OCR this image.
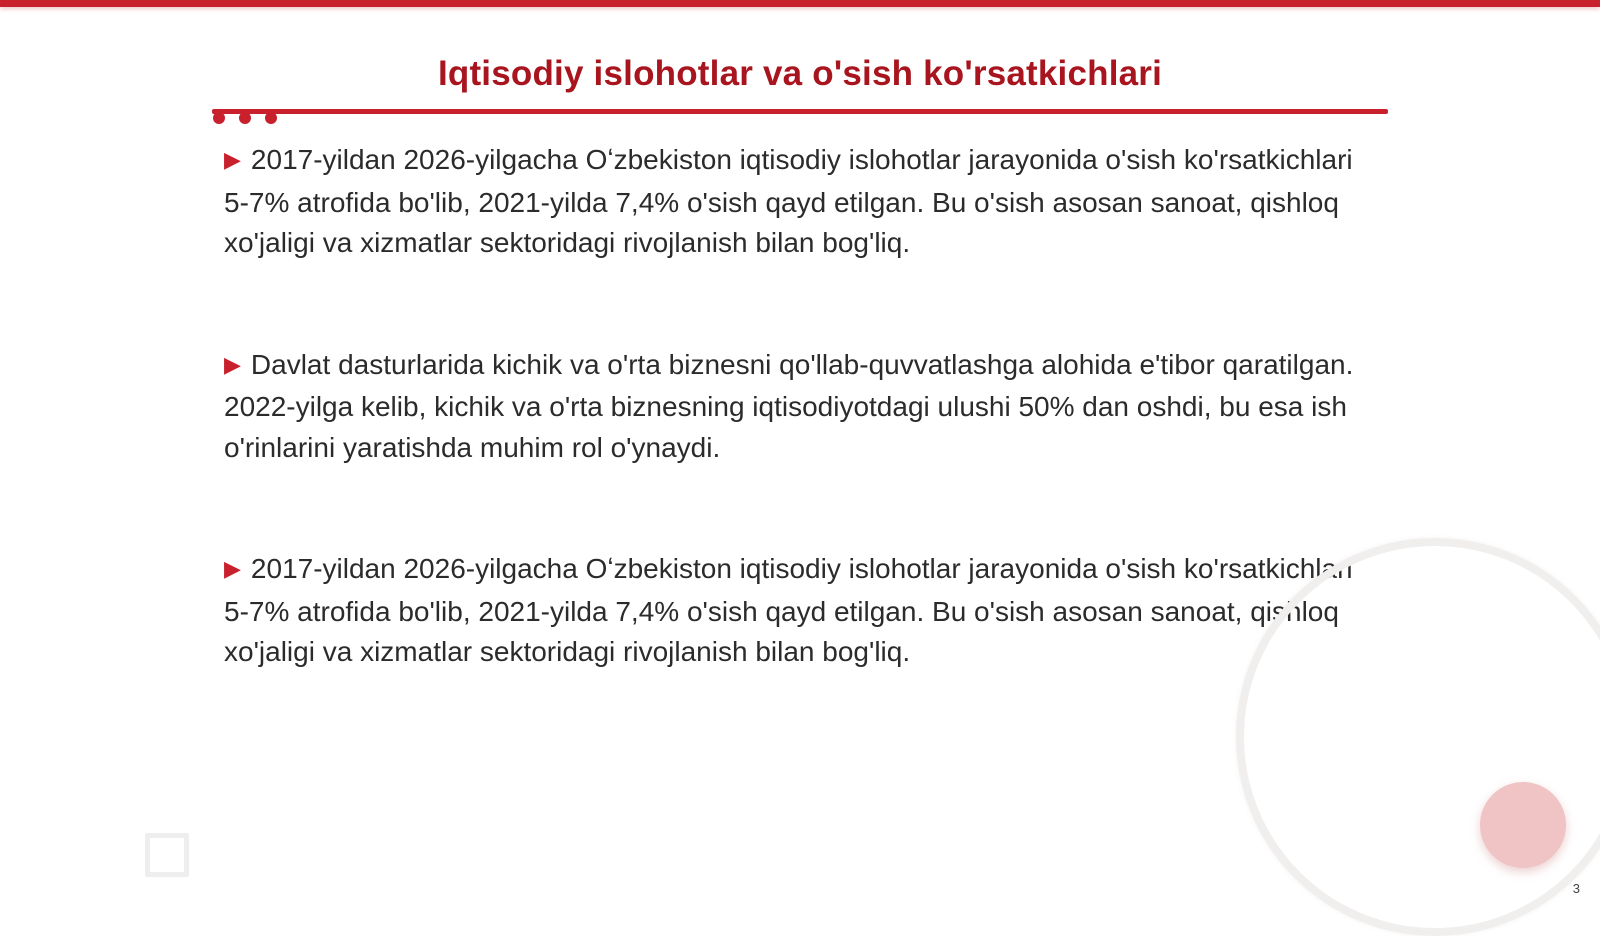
Iqtisodiy islohotlar va o'sish ko'rsatkichlari

▶ 2017-yildan 2026-yilgacha Oʻzbekiston iqtisodiy islohotlar jarayonida o'sish ko'rsatkichlari 5-7% atrofida bo'lib, 2021-yilda 7,4% o'sish qayd etilgan. Bu o'sish asosan sanoat, qishloq xo'jaligi va xizmatlar sektoridagi rivojlanish bilan bog'liq.

▶ Davlat dasturlarida kichik va o'rta biznesni qo'llab-quvvatlashga alohida e'tibor qaratilgan. 2022-yilga kelib, kichik va o'rta biznesning iqtisodiyotdagi ulushi 50% dan oshdi, bu esa ish o'rinlarini yaratishda muhim rol o'ynaydi.

▶ 2017-yildan 2026-yilgacha Oʻzbekiston iqtisodiy islohotlar jarayonida o'sish ko'rsatkichlari 5-7% atrofida bo'lib, 2021-yilda 7,4% o'sish qayd etilgan. Bu o'sish asosan sanoat, qishloq xo'jaligi va xizmatlar sektoridagi rivojlanish bilan bog'liq.

3
